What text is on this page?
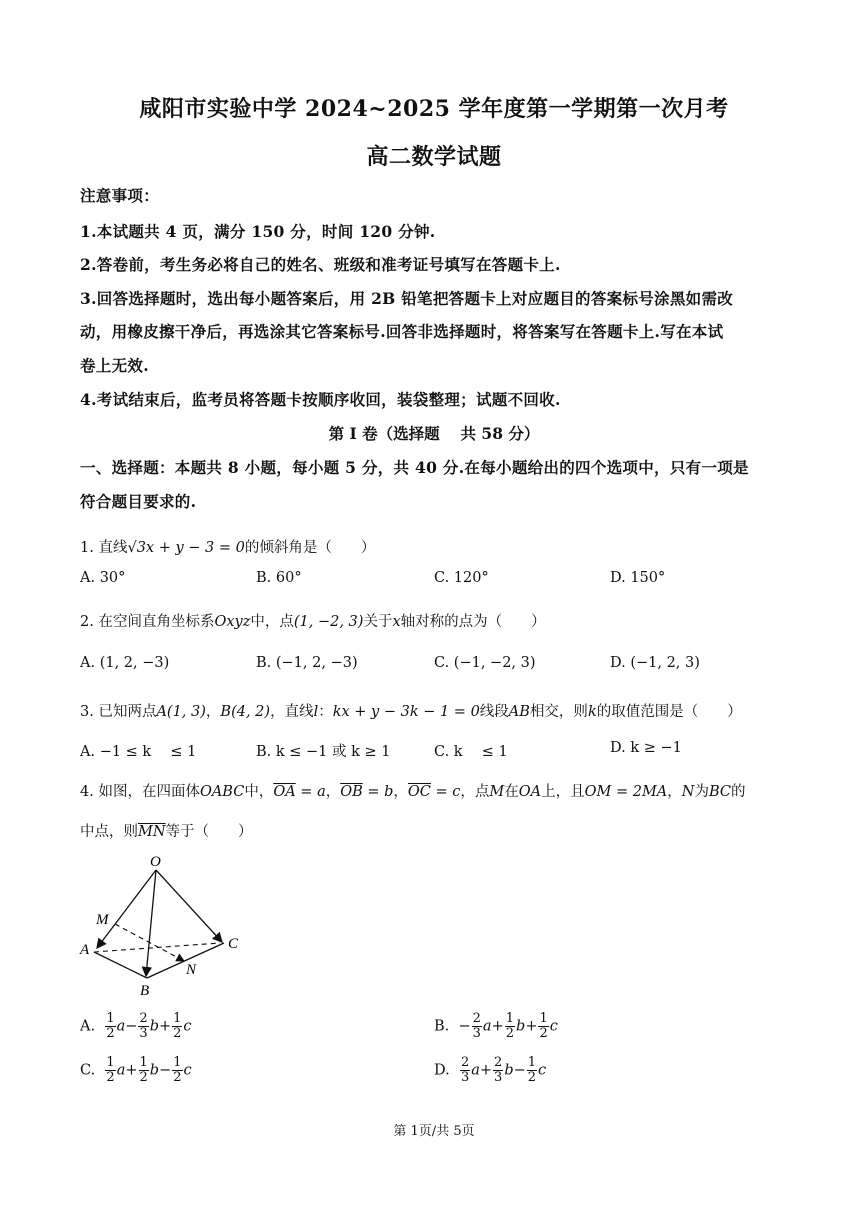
咸阳市实验中学 2024~2025 学年度第一学期第一次月考
高二数学试题
注意事项：
1.本试题共 4 页，满分 150 分，时间 120 分钟.
2.答卷前，考生务必将自己的姓名、班级和准考证号填写在答题卡上.
3.回答选择题时，选出每小题答案后，用 2B 铅笔把答题卡上对应题目的答案标号涂黑如需改
动，用橡皮擦干净后，再选涂其它答案标号.回答非选择题时，将答案写在答题卡上.写在本试
卷上无效.
4.考试结束后，监考员将答题卡按顺序收回，装袋整理；试题不回收.
第 I 卷（选择题　 共 58 分）
一、选择题：本题共 8 小题，每小题 5 分，共 40 分.在每小题给出的四个选项中，只有一项是
符合题目要求的.
1. 直线√3x + y − 3 = 0的倾斜角是（　　）
A. 30°	B. 60°	C. 120°	D. 150°
2. 在空间直角坐标系Oxyz中，点(1, −2, 3)关于x轴对称的点为（　　）
A. (1, 2, −3)	B. (−1, 2, −3)	C. (−1, −2, 3)	D. (−1, 2, 3)
3. 已知两点A(1, 3)，B(4, 2)，直线l：kx + y − 3k − 1 = 0线段AB相交，则k的取值范围是（　　）
A. −1 ≤ k 　≤ 1	B. k ≤ −1 或 k ≥ 1	C. k 　≤ 1	D. k ≥ −1
4. 如图，在四面体OABC中，$\overline{OA} = a$，$\overline{OB} = b$，$\overline{OC} = c$，点M在OA上，且OM = 2MA，N为BC的
中点，则$\overline{MN}$等于（　　）
O
M
A	C
N
B
A. $\frac{1}{2} a- \frac{2}{3} b+ \frac{1}{2}$ c	B. − $\frac{2}{3} a+ \frac{1}{2} b+ \frac{1}{2}$ c
C. $\frac{1}{2} a+ \frac{1}{2} b- \frac{1}{2}$ c	D. $\frac{2}{3} a+ \frac{2}{3} b- \frac{1}{2}$ c
第 1页/共 5页
